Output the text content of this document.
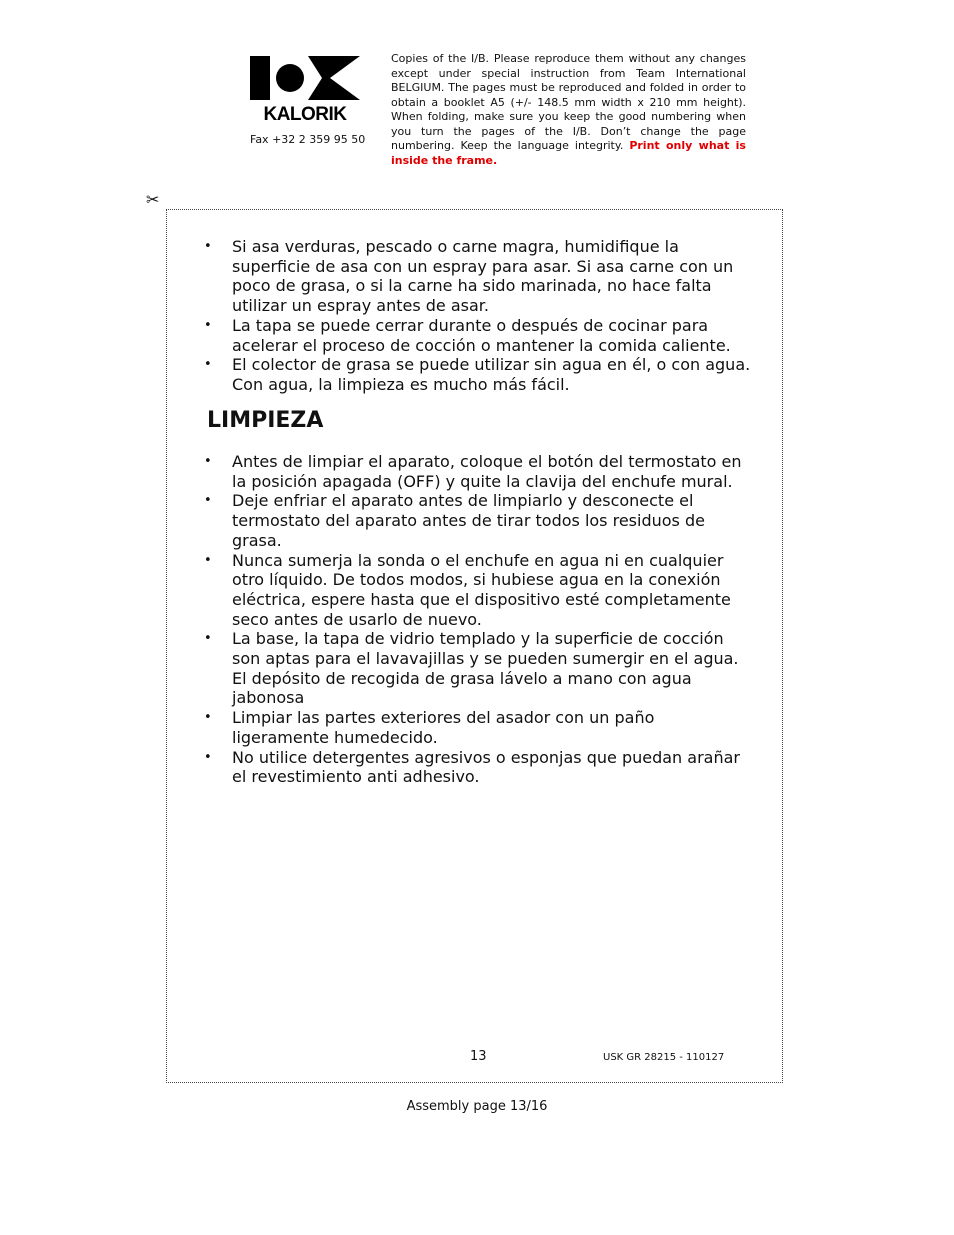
KALORIK
Fax +32 2 359 95 50
Copies of the I/B. Please reproduce them without any changes except under special instruction from Team International BELGIUM. The pages must be reproduced and folded in order to obtain a booklet A5 (+/- 148.5 mm width x 210 mm height). When folding, make sure you keep the good numbering when you turn the pages of the I/B. Don’t change the page numbering. Keep the language integrity. Print only what is inside the frame.
✂
• Si asa verduras, pescado o carne magra, humidifique la superficie de asa con un espray para asar. Si asa carne con un poco de grasa, o si la carne ha sido marinada, no hace falta utilizar un espray antes de asar.
• La tapa se puede cerrar durante o después de cocinar para acelerar el proceso de cocción o mantener la comida caliente.
• El colector de grasa se puede utilizar sin agua en él, o con agua. Con agua, la limpieza es mucho más fácil.
LIMPIEZA
• Antes de limpiar el aparato, coloque el botón del termostato en la posición apagada (OFF) y quite la clavija del enchufe mural.
• Deje enfriar el aparato antes de limpiarlo y desconecte el termostato del aparato antes de tirar todos los residuos de grasa.
• Nunca sumerja la sonda o el enchufe en agua ni en cualquier otro líquido. De todos modos, si hubiese agua en la conexión eléctrica, espere hasta que el dispositivo esté completamente seco antes de usarlo de nuevo.
• La base, la tapa de vidrio templado y la superficie de cocción son aptas para el lavavajillas y se pueden sumergir en el agua. El depósito de recogida de grasa lávelo a mano con agua jabonosa
• Limpiar las partes exteriores del asador con un paño ligeramente humedecido.
• No utilice detergentes agresivos o esponjas que puedan arañar el revestimiento anti adhesivo.
13	USK GR 28215 - 110127
Assembly page 13/16
